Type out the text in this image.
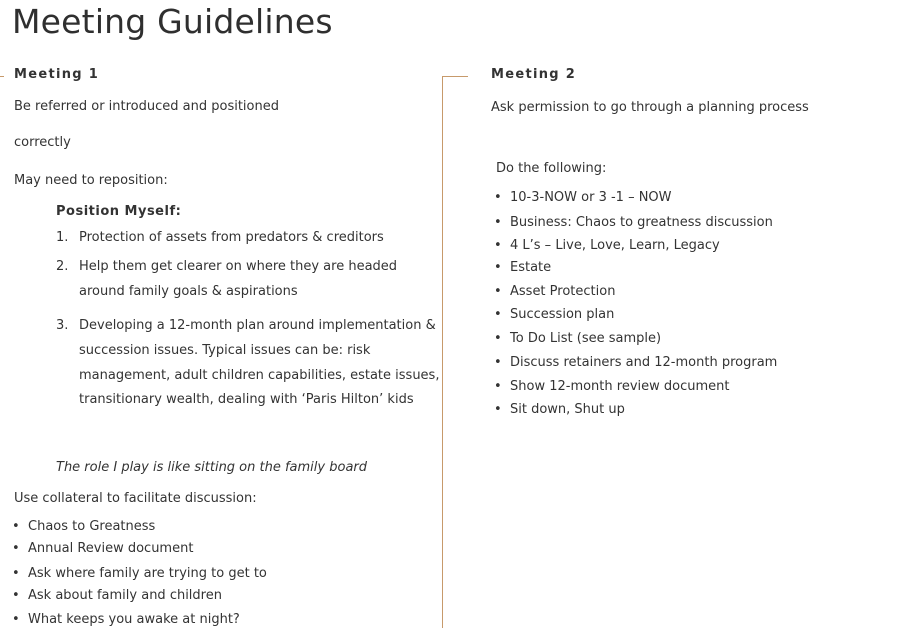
Meeting Guidelines
Meeting 1
Be referred or introduced and positioned
correctly
May need to reposition:
Position Myself:
1. Protection of assets from predators & creditors
2. Help them get clearer on where they are headed around family goals & aspirations
3. Developing a 12-month plan around implementation & succession issues. Typical issues can be: risk management, adult children capabilities, estate issues, transitionary wealth, dealing with ‘Paris Hilton’ kids
The role I play is like sitting on the family board
Use collateral to facilitate discussion:
• Chaos to Greatness
• Annual Review document
• Ask where family are trying to get to
• Ask about family and children
• What keeps you awake at night?
Meeting 2
Ask permission to go through a planning process
Do the following:
• 10-3-NOW or 3 -1 – NOW
• Business: Chaos to greatness discussion
• 4 L’s – Live, Love, Learn, Legacy
• Estate
• Asset Protection
• Succession plan
• To Do List (see sample)
• Discuss retainers and 12-month program
• Show 12-month review document
• Sit down, Shut up
